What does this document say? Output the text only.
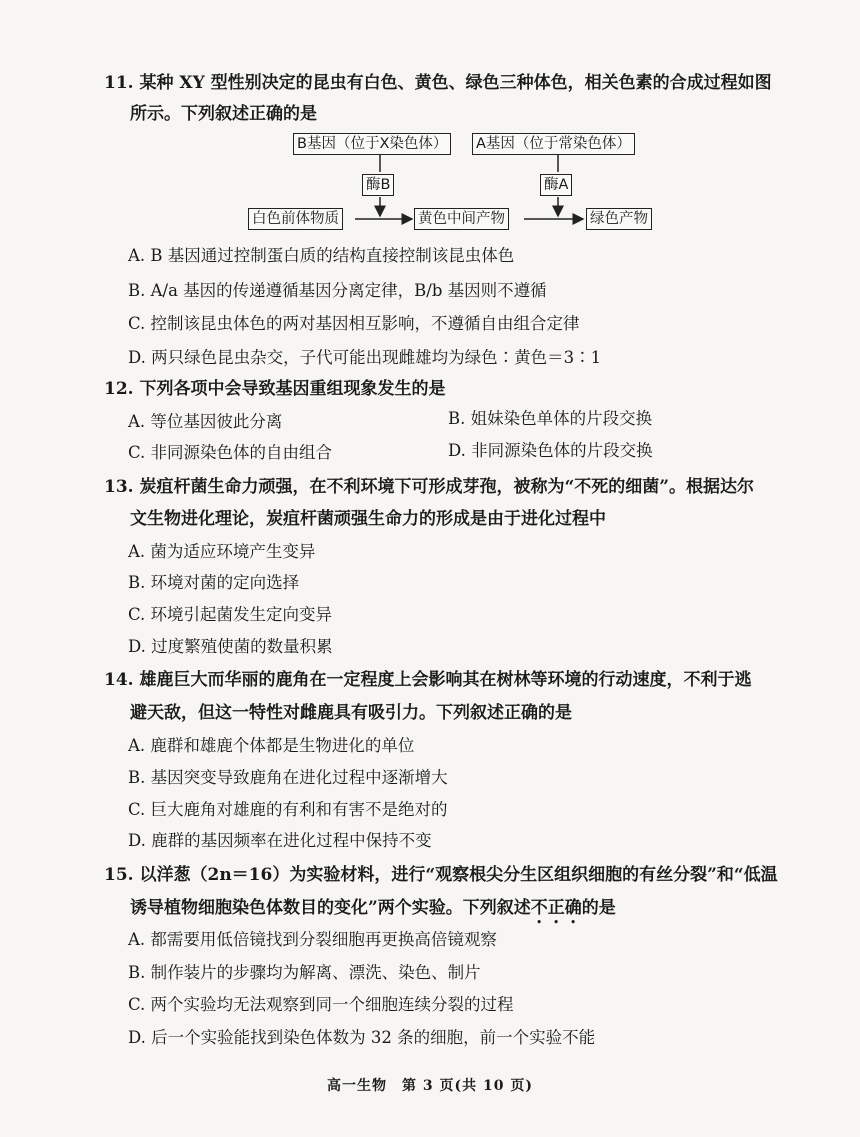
11. 某种 XY 型性别决定的昆虫有白色、黄色、绿色三种体色，相关色素的合成过程如图
所示。下列叙述正确的是
B基因（位于X染色体） A基因（位于常染色体）
酶B	酶A
白色前体物质	黄色中间产物	绿色产物
A. B 基因通过控制蛋白质的结构直接控制该昆虫体色
B. A/a 基因的传递遵循基因分离定律，B/b 基因则不遵循
C. 控制该昆虫体色的两对基因相互影响，不遵循自由组合定律
D. 两只绿色昆虫杂交，子代可能出现雌雄均为绿色∶黄色＝3∶1
12. 下列各项中会导致基因重组现象发生的是
A. 等位基因彼此分离	B. 姐妹染色单体的片段交换
C. 非同源染色体的自由组合	D. 非同源染色体的片段交换
13. 炭疽杆菌生命力顽强，在不利环境下可形成芽孢，被称为“不死的细菌”。根据达尔
文生物进化理论，炭疽杆菌顽强生命力的形成是由于进化过程中
A. 菌为适应环境产生变异
B. 环境对菌的定向选择
C. 环境引起菌发生定向变异
D. 过度繁殖使菌的数量积累
14. 雄鹿巨大而华丽的鹿角在一定程度上会影响其在树林等环境的行动速度，不利于逃
避天敌，但这一特性对雌鹿具有吸引力。下列叙述正确的是
A. 鹿群和雄鹿个体都是生物进化的单位
B. 基因突变导致鹿角在进化过程中逐渐增大
C. 巨大鹿角对雄鹿的有利和有害不是绝对的
D. 鹿群的基因频率在进化过程中保持不变
15. 以洋葱（2n＝16）为实验材料，进行“观察根尖分生区组织细胞的有丝分裂”和“低温
诱导植物细胞染色体数目的变化”两个实验。下列叙述不正确的是
A. 都需要用低倍镜找到分裂细胞再更换高倍镜观察
B. 制作装片的步骤均为解离、漂洗、染色、制片
C. 两个实验均无法观察到同一个细胞连续分裂的过程
D. 后一个实验能找到染色体数为 32 条的细胞，前一个实验不能
高一生物　第 3 页(共 10 页)
